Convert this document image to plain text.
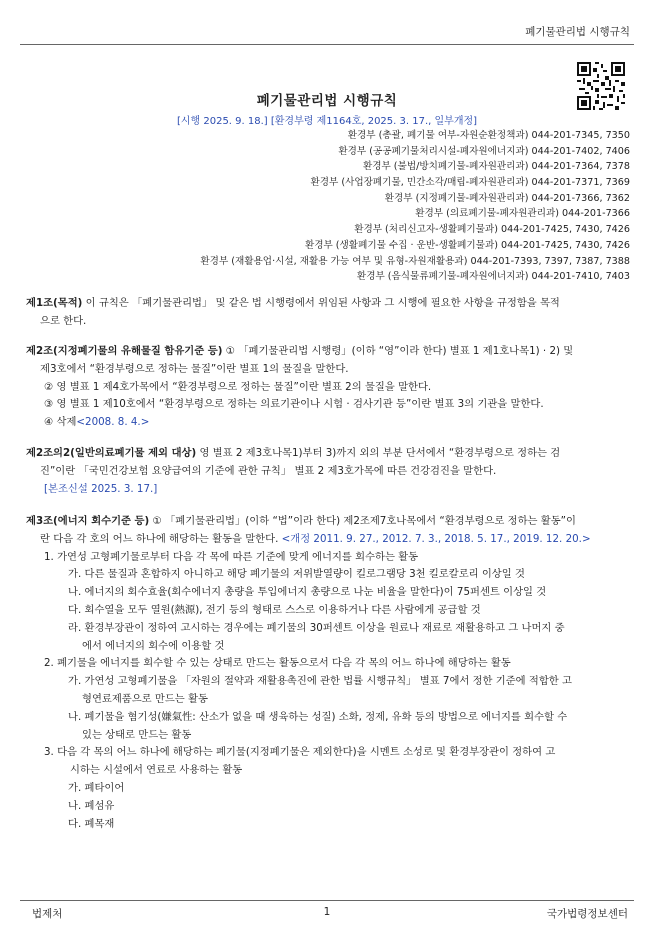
폐기물관리법 시행규칙
폐기물관리법 시행규칙
[시행 2025. 9. 18.] [환경부령 제1164호, 2025. 3. 17., 일부개정]
환경부 (총괄, 폐기물 여부-자원순환정책과) 044-201-7345, 7350
환경부 (공공폐기물처리시설-폐자원에너지과) 044-201-7402, 7406
환경부 (불법/방치폐기물-폐자원관리과) 044-201-7364, 7378
환경부 (사업장폐기물, 민간소각/매립-폐자원관리과) 044-201-7371, 7369
환경부 (지정폐기물-폐자원관리과) 044-201-7366, 7362
환경부 (의료폐기물-폐자원관리과) 044-201-7366
환경부 (처리신고자-생활폐기물과) 044-201-7425, 7430, 7426
환경부 (생활폐기물 수집 · 운반-생활폐기물과) 044-201-7425, 7430, 7426
환경부 (재활용업·시설, 재활용 가능 여부 및 유형-자원재활용과) 044-201-7393, 7397, 7387, 7388
환경부 (음식물류폐기물-폐자원에너지과) 044-201-7410, 7403
제1조(목적) 이 규칙은 「폐기물관리법」 및 같은 법 시행령에서 위임된 사항과 그 시행에 필요한 사항을 규정함을 목적
으로 한다.
제2조(지정폐기물의 유해물질 함유기준 등) ① 「폐기물관리법 시행령」(이하 “영”이라 한다) 별표 1 제1호나목1) · 2) 및
제3호에서 “환경부령으로 정하는 물질”이란 별표 1의 물질을 말한다.
② 영 별표 1 제4호가목에서 “환경부령으로 정하는 물질”이란 별표 2의 물질을 말한다.
③ 영 별표 1 제10호에서 “환경부령으로 정하는 의료기관이나 시험 · 검사기관 등”이란 별표 3의 기관을 말한다.
④ 삭제<2008. 8. 4.>
제2조의2(일반의료폐기물 제외 대상) 영 별표 2 제3호나목1)부터 3)까지 외의 부분 단서에서 “환경부령으로 정하는 검
진”이란 「국민건강보험 요양급여의 기준에 관한 규칙」 별표 2 제3호가목에 따른 건강검진을 말한다.
[본조신설 2025. 3. 17.]
제3조(에너지 회수기준 등) ① 「폐기물관리법」(이하 “법”이라 한다) 제2조제7호나목에서 “환경부령으로 정하는 활동”이
란 다음 각 호의 어느 하나에 해당하는 활동을 말한다. <개정 2011. 9. 27., 2012. 7. 3., 2018. 5. 17., 2019. 12. 20.>
1. 가연성 고형폐기물로부터 다음 각 목에 따른 기준에 맞게 에너지를 회수하는 활동
가. 다른 물질과 혼합하지 아니하고 해당 폐기물의 저위발열량이 킬로그램당 3천 킬로칼로리 이상일 것
나. 에너지의 회수효율(회수에너지 총량을 투입에너지 총량으로 나눈 비율을 말한다)이 75퍼센트 이상일 것
다. 회수열을 모두 열원(熱源), 전기 등의 형태로 스스로 이용하거나 다른 사람에게 공급할 것
라. 환경부장관이 정하여 고시하는 경우에는 폐기물의 30퍼센트 이상을 원료나 재료로 재활용하고 그 나머지 중
에서 에너지의 회수에 이용할 것
2. 폐기물을 에너지를 회수할 수 있는 상태로 만드는 활동으로서 다음 각 목의 어느 하나에 해당하는 활동
가. 가연성 고형폐기물을 「자원의 절약과 재활용촉진에 관한 법률 시행규칙」 별표 7에서 정한 기준에 적합한 고
형연료제품으로 만드는 활동
나. 폐기물을 혐기성(嫌氣性: 산소가 없을 때 생육하는 성질) 소화, 정제, 유화 등의 방법으로 에너지를 회수할 수
있는 상태로 만드는 활동
3. 다음 각 목의 어느 하나에 해당하는 폐기물(지정폐기물은 제외한다)을 시멘트 소성로 및 환경부장관이 정하여 고
시하는 시설에서 연료로 사용하는 활동
가. 폐타이어
나. 폐섬유
다. 폐목재
법제처	1	국가법령정보센터
